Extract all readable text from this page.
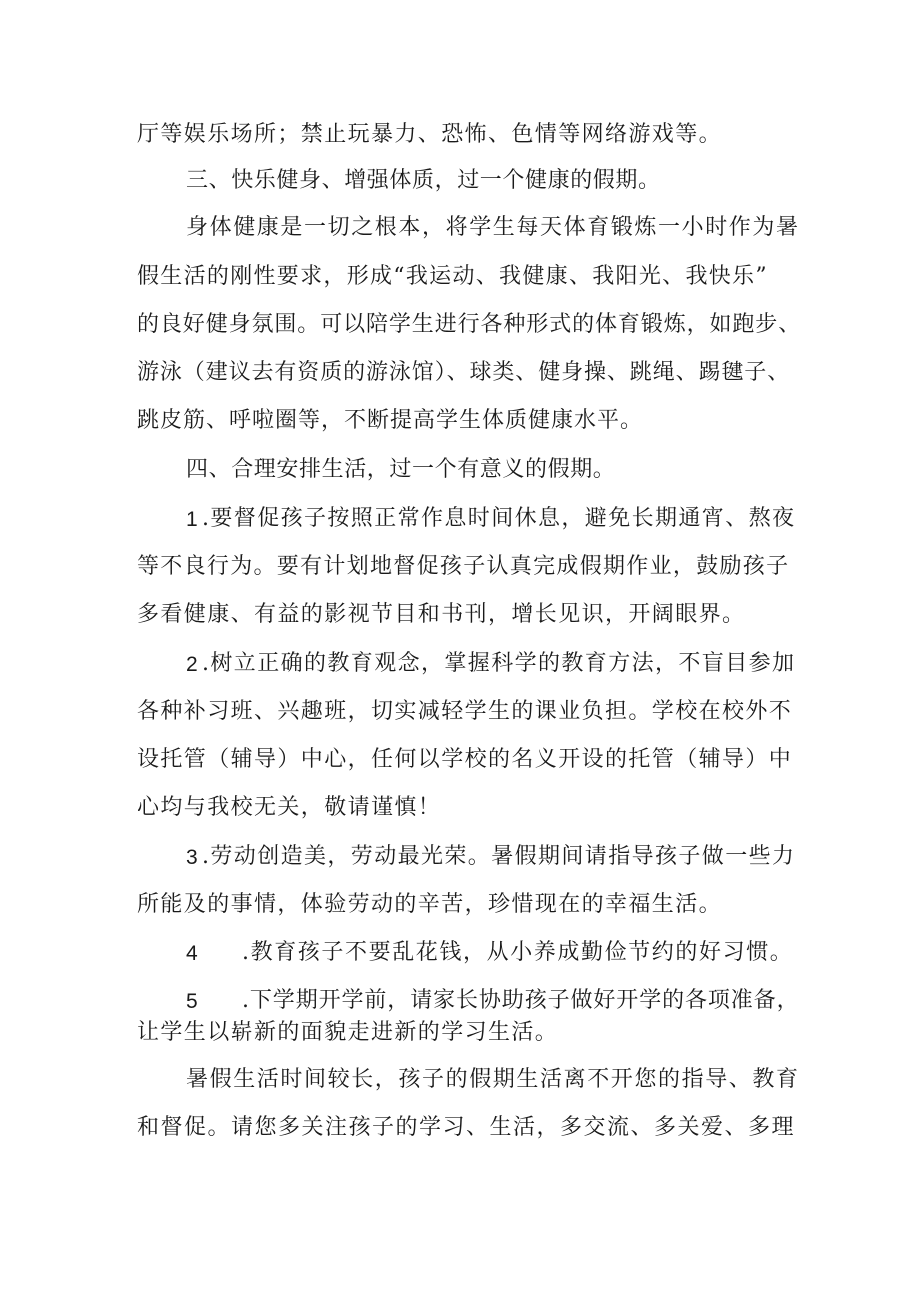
厅等娱乐场所；禁止玩暴力、恐怖、色情等网络游戏等。
三、快乐健身、增强体质，过一个健康的假期。
身体健康是一切之根本，将学生每天体育锻炼一小时作为暑
假生活的刚性要求，形成“我运动、我健康、我阳光、我快乐”
的良好健身氛围。可以陪学生进行各种形式的体育锻炼，如跑步、
游泳（建议去有资质的游泳馆）、球类、健身操、跳绳、踢毽子、
跳皮筋、呼啦圈等，不断提高学生体质健康水平。
四、合理安排生活，过一个有意义的假期。
1 .要督促孩子按照正常作息时间休息，避免长期通宵、熬夜
等不良行为。要有计划地督促孩子认真完成假期作业，鼓励孩子
多看健康、有益的影视节目和书刊，增长见识，开阔眼界。
2 .树立正确的教育观念，掌握科学的教育方法，不盲目参加
各种补习班、兴趣班，切实减轻学生的课业负担。学校在校外不
设托管（辅导）中心，任何以学校的名义开设的托管（辅导）中
心均与我校无关，敬请谨慎！
3 .劳动创造美，劳动最光荣。暑假期间请指导孩子做一些力
所能及的事情，体验劳动的辛苦，珍惜现在的幸福生活。
4 .教育孩子不要乱花钱，从小养成勤俭节约的好习惯。
5 .下学期开学前，请家长协助孩子做好开学的各项准备，
让学生以崭新的面貌走进新的学习生活。
暑假生活时间较长，孩子的假期生活离不开您的指导、教育
和督促。请您多关注孩子的学习、生活，多交流、多关爱、多理
